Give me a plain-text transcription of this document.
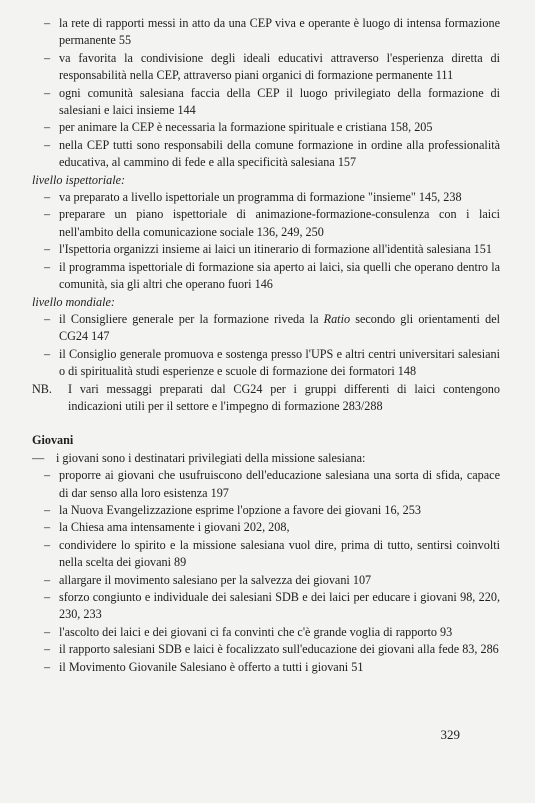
– la rete di rapporti messi in atto da una CEP viva e operante è luogo di intensa formazione permanente 55
– va favorita la condivisione degli ideali educativi attraverso l'esperienza diretta di responsabilità nella CEP, attraverso piani organici di formazione permanente 111
– ogni comunità salesiana faccia della CEP il luogo privilegiato della formazione di salesiani e laici insieme 144
– per animare la CEP è necessaria la formazione spirituale e cristiana 158, 205
– nella CEP tutti sono responsabili della comune formazione in ordine alla professionalità educativa, al cammino di fede e alla specificità salesiana 157
livello ispettoriale:
– va preparato a livello ispettoriale un programma di formazione "insieme" 145, 238
– preparare un piano ispettoriale di animazione-formazione-consulenza con i laici nell'ambito della comunicazione sociale 136, 249, 250
– l'Ispettoria organizzi insieme ai laici un itinerario di formazione all'identità salesiana 151
– il programma ispettoriale di formazione sia aperto ai laici, sia quelli che operano dentro la comunità, sia gli altri che operano fuori 146
livello mondiale:
– il Consigliere generale per la formazione riveda la Ratio secondo gli orientamenti del CG24 147
– il Consiglio generale promuova e sostenga presso l'UPS e altri centri universitari salesiani o di spiritualità studi esperienze e scuole di formazione dei formatori 148
NB.	I vari messaggi preparati dal CG24 per i gruppi differenti di laici contengono indicazioni utili per il settore e l'impegno di formazione 283/288
Giovani
— i giovani sono i destinatari privilegiati della missione salesiana:
– proporre ai giovani che usufruiscono dell'educazione salesiana una sorta di sfida, capace di dar senso alla loro esistenza 197
– la Nuova Evangelizzazione esprime l'opzione a favore dei giovani 16, 253
– la Chiesa ama intensamente i giovani 202, 208,
– condividere lo spirito e la missione salesiana vuol dire, prima di tutto, sentirsi coinvolti nella scelta dei giovani 89
– allargare il movimento salesiano per la salvezza dei giovani 107
– sforzo congiunto e individuale dei salesiani SDB e dei laici per educare i giovani 98, 220, 230, 233
– l'ascolto dei laici e dei giovani ci fa convinti che c'è grande voglia di rapporto 93
– il rapporto salesiani SDB e laici è focalizzato sull'educazione dei giovani alla fede 83, 286
– il Movimento Giovanile Salesiano è offerto a tutti i giovani 51
329
